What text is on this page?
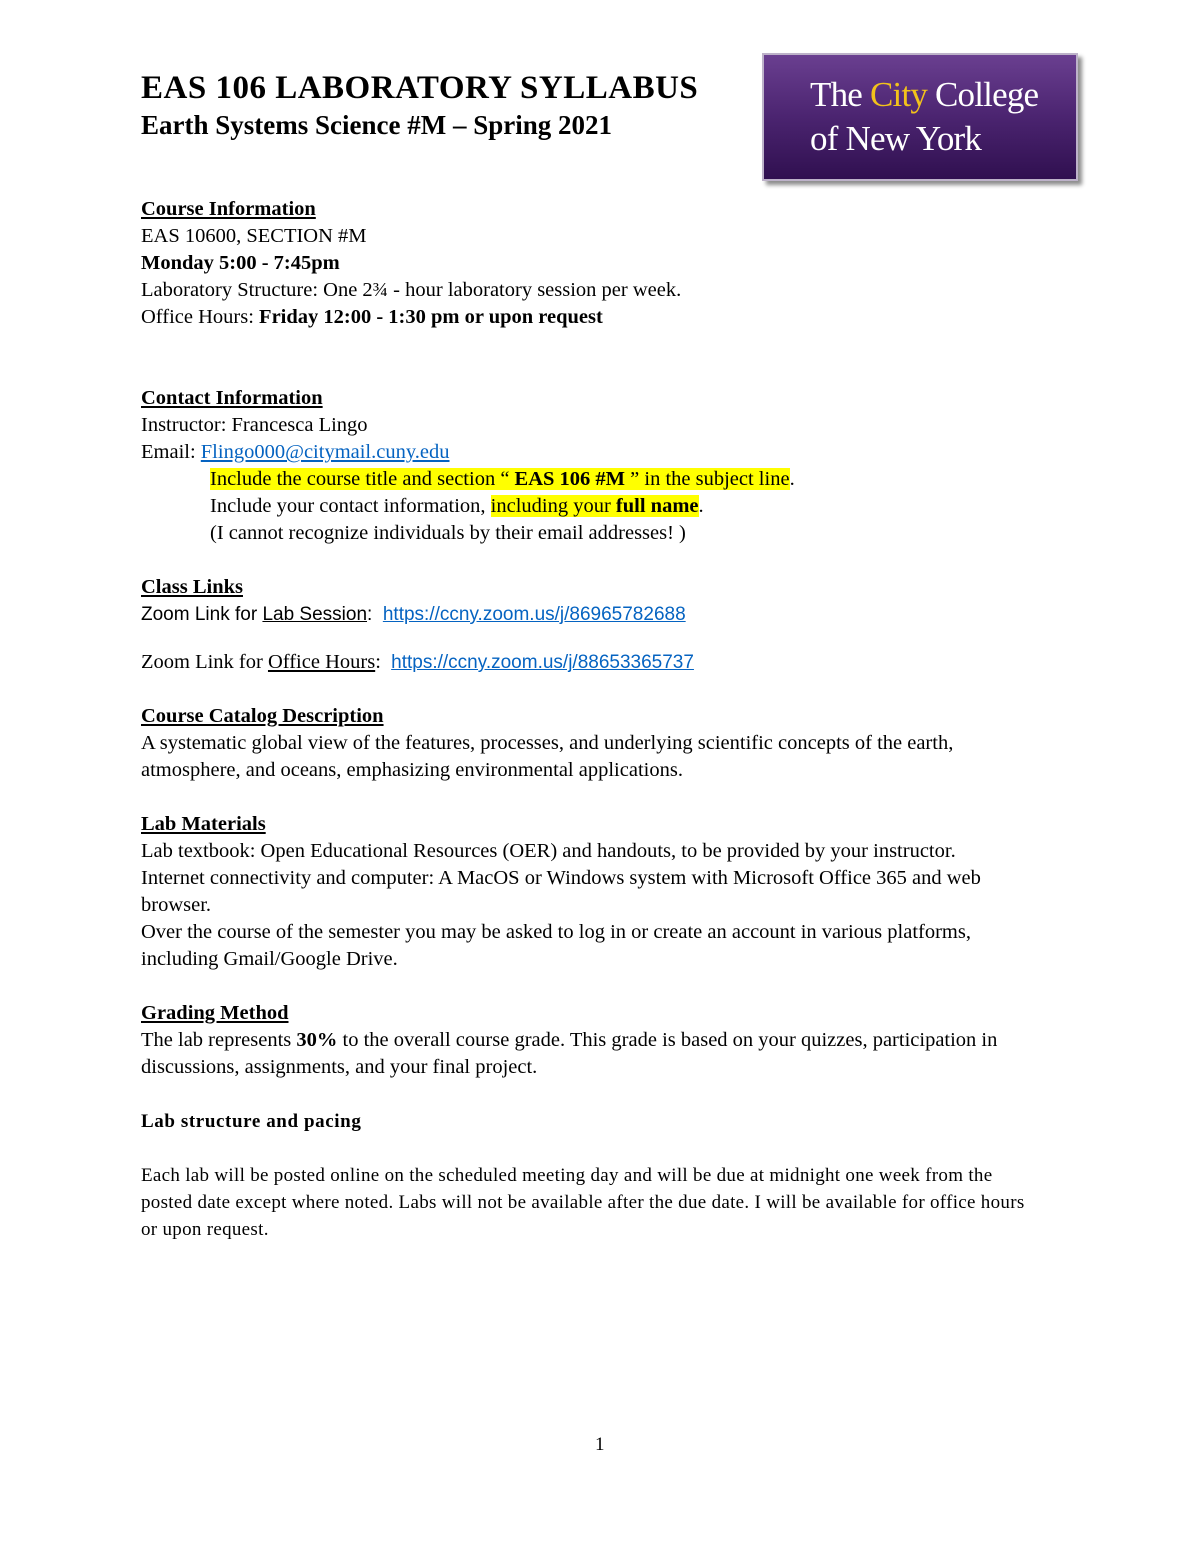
EAS 106 LABORATORY SYLLABUS
Earth Systems Science #M – Spring 2021
The City College
of New York

Course Information

EAS 10600, SECTION #M

Monday 5:00 - 7:45pm

Laboratory Structure: One 2¾ - hour laboratory session per week.

Office Hours: Friday 12:00 - 1:30 pm or upon request

Contact Information

Instructor: Francesca Lingo

Email: Flingo000@citymail.cuny.edu

Include the course title and section “ EAS 106 #M ” in the subject line.

Include your contact information, including your full name.

(I cannot recognize individuals by their email addresses! )

Class Links

Zoom Link for Lab Session: https://ccny.zoom.us/j/86965782688

Zoom Link for Office Hours: https://ccny.zoom.us/j/88653365737

Course Catalog Description

A systematic global view of the features, processes, and underlying scientific concepts of the earth, atmosphere, and oceans, emphasizing environmental applications.

Lab Materials

Lab textbook: Open Educational Resources (OER) and handouts, to be provided by your instructor.

Internet connectivity and computer: A MacOS or Windows system with Microsoft Office 365 and web browser.

Over the course of the semester you may be asked to log in or create an account in various platforms, including Gmail/Google Drive.

Grading Method

The lab represents 30% to the overall course grade. This grade is based on your quizzes, participation in discussions, assignments, and your final project.

Lab structure and pacing

Each lab will be posted online on the scheduled meeting day and will be due at midnight one week from the posted date except where noted. Labs will not be available after the due date. I will be available for office hours or upon request.

1
